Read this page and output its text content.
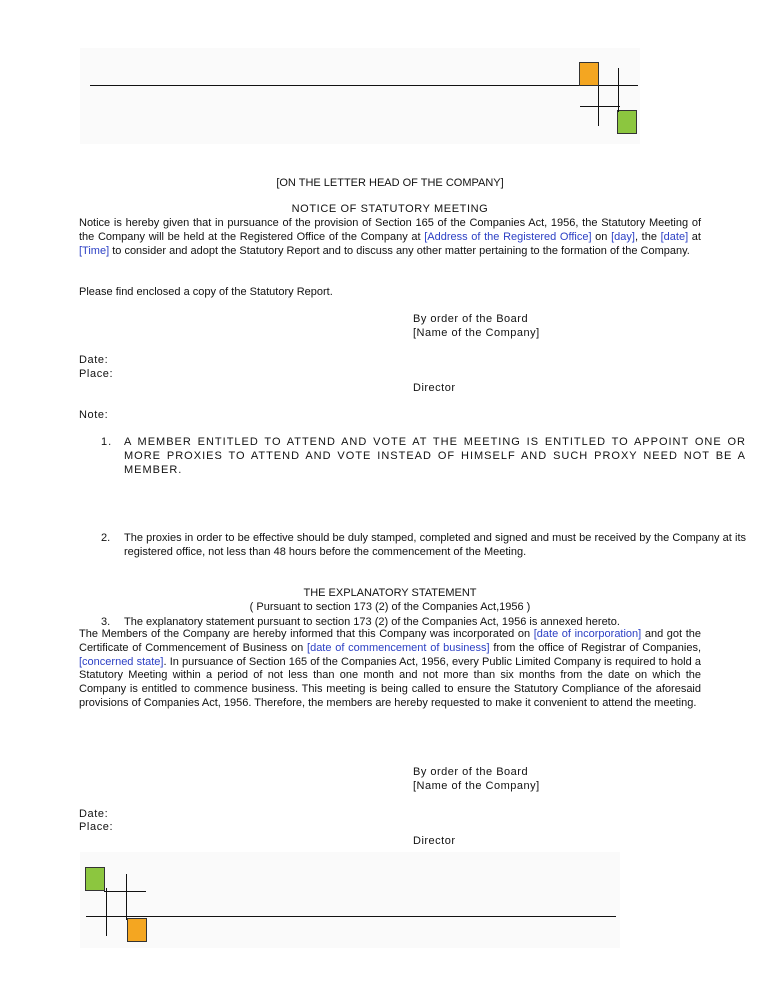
[ON THE LETTER HEAD OF THE COMPANY]
NOTICE OF STATUTORY MEETING

Notice is hereby given that in pursuance of the provision of Section 165 of the Companies Act, 1956, the Statutory Meeting of the Company will be held at the Registered Office of the Company at [Address of the Registered Office] on [day], the [date] at [Time] to consider and adopt the Statutory Report and to discuss any other matter pertaining to the formation of the Company.

Please find enclosed a copy of the Statutory Report.

By order of the Board
[Name of the Company]
Date:
Place:
Director
Note:
1. A MEMBER ENTITLED TO ATTEND AND VOTE AT THE MEETING IS ENTITLED TO APPOINT ONE OR MORE PROXIES TO ATTEND AND VOTE INSTEAD OF HIMSELF AND SUCH PROXY NEED NOT BE A MEMBER.
2. The proxies in order to be effective should be duly stamped, completed and signed and must be received by the Company at its registered office, not less than 48 hours before the commencement of the Meeting.
3. The explanatory statement pursuant to section 173 (2) of the Companies Act, 1956 is annexed hereto.
THE EXPLANATORY STATEMENT
( Pursuant to section 173 (2) of the Companies Act,1956 )

The Members of the Company are hereby informed that this Company was incorporated on [date of incorporation] and got the Certificate of Commencement of Business on [date of commencement of business] from the office of Registrar of Companies, [concerned state]. In pursuance of Section 165 of the Companies Act, 1956, every Public Limited Company is required to hold a Statutory Meeting within a period of not less than one month and not more than six months from the date on which the Company is entitled to commence business. This meeting is being called to ensure the Statutory Compliance of the aforesaid provisions of Companies Act, 1956. Therefore, the members are hereby requested to make it convenient to attend the meeting.

By order of the Board
[Name of the Company]
Date:
Place:
Director
